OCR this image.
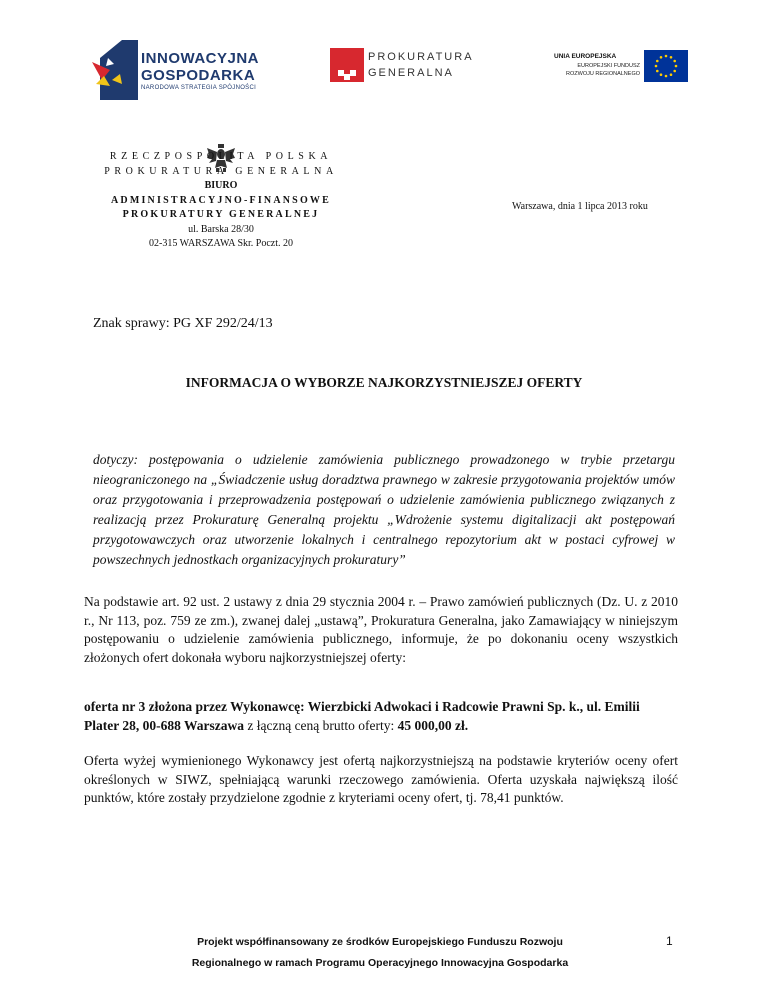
INNOWACYJNA
GOSPODARKA
NARODOWA STRATEGIA SPÓJNOŚCI
PROKURATURA
GENERALNA
UNIA EUROPEJSKA
EUROPEJSKI FUNDUSZ
ROZWOJU REGIONALNEGO
RZECZPOSPOLITA POLSKA
PROKURATURA GENERALNA
BIURO
ADMINISTRACYJNO-FINANSOWE
PROKURATURY GENERALNEJ
ul. Barska 28/30
02-315 WARSZAWA Skr. Poczt. 20
Warszawa, dnia 1 lipca 2013 roku
Znak sprawy: PG XF 292/24/13
INFORMACJA O WYBORZE NAJKORZYSTNIEJSZEJ OFERTY
dotyczy: postępowania o udzielenie zamówienia publicznego prowadzonego w trybie przetargu nieograniczonego na „Świadczenie usług doradztwa prawnego w zakresie przygotowania projektów umów oraz przygotowania i przeprowadzenia postępowań o udzielenie zamówienia publicznego związanych z realizacją przez Prokuraturę Generalną projektu „Wdrożenie systemu digitalizacji akt postępowań przygotowawczych oraz utworzenie lokalnych i centralnego repozytorium akt w postaci cyfrowej w powszechnych jednostkach organizacyjnych prokuratury”
Na podstawie art. 92 ust. 2 ustawy z dnia 29 stycznia 2004 r. – Prawo zamówień publicznych (Dz. U. z 2010 r., Nr 113, poz. 759 ze zm.), zwanej dalej „ustawą”, Prokuratura Generalna, jako Zamawiający w niniejszym postępowaniu o udzielenie zamówienia publicznego, informuje, że po dokonaniu oceny wszystkich złożonych ofert dokonała wyboru najkorzystniejszej oferty:
oferta nr 3 złożona przez Wykonawcę: Wierzbicki Adwokaci i Radcowie Prawni Sp. k., ul. Emilii Plater 28, 00-688 Warszawa z łączną ceną brutto oferty: 45 000,00 zł.
Oferta wyżej wymienionego Wykonawcy jest ofertą najkorzystniejszą na podstawie kryteriów oceny ofert określonych w SIWZ, spełniającą warunki rzeczowego zamówienia. Oferta uzyskała największą ilość punktów, które zostały przydzielone zgodnie z kryteriami oceny ofert, tj. 78,41 punktów.
Projekt współfinansowany ze środków Europejskiego Funduszu Rozwoju
Regionalnego w ramach Programu Operacyjnego Innowacyjna Gospodarka
1
